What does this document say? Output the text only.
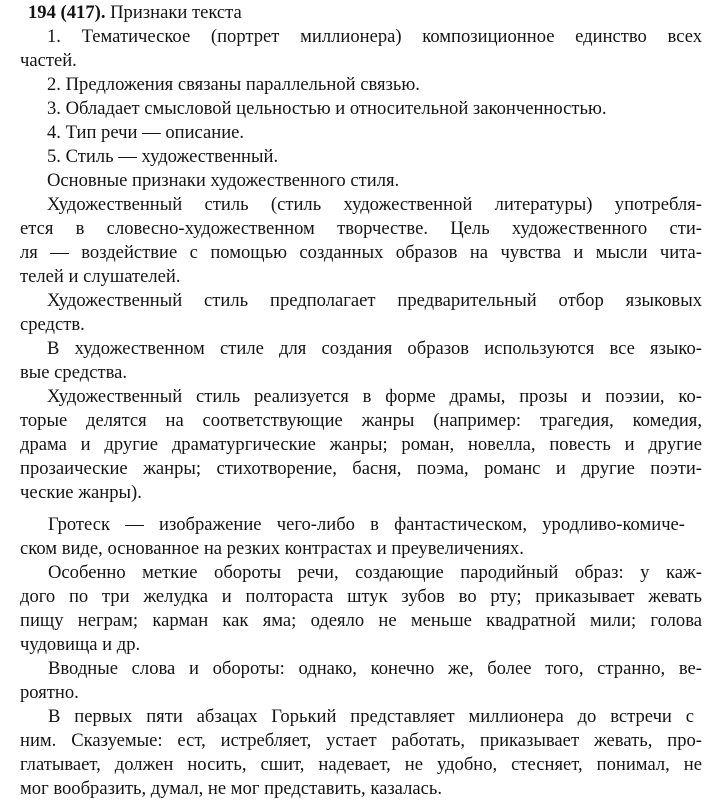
194 (417). Признаки текста
1. Тематическое (портрет миллионера) композиционное единство всех
частей.
2. Предложения связаны параллельной связью.
3. Обладает смысловой цельностью и относительной законченностью.
4. Тип речи — описание.
5. Стиль — художественный.
Основные признаки художественного стиля.
Художественный стиль (стиль художественной литературы) употребля-
ется в словесно-художественном творчестве. Цель художественного сти-
ля — воздействие с помощью созданных образов на чувства и мысли чита-
телей и слушателей.
Художественный стиль предполагает предварительный отбор языковых
средств.
В художественном стиле для создания образов используются все языко-
вые средства.
Художественный стиль реализуется в форме драмы, прозы и поэзии, ко-
торые делятся на соответствующие жанры (например: трагедия, комедия,
драма и другие драматургические жанры; роман, новелла, повесть и другие
прозаические жанры; стихотворение, басня, поэма, романс и другие поэти-
ческие жанры).
Гротеск — изображение чего-либо в фантастическом, уродливо-комиче-
ском виде, основанное на резких контрастах и преувеличениях.
Особенно меткие обороты речи, создающие пародийный образ: у каж-
дого по три желудка и полтораста штук зубов во рту; приказывает жевать
пищу неграм; карман как яма; одеяло не меньше квадратной мили; голова
чудовища и др.
Вводные слова и обороты: однако, конечно же, более того, странно, ве-
роятно.
В первых пяти абзацах Горький представляет миллионера до встречи с
ним. Сказуемые: ест, истребляет, устает работать, приказывает жевать, про-
глатывает, должен носить, сшит, надевает, не удобно, стесняет, понимал, не
мог вообразить, думал, не мог представить, казалась.
